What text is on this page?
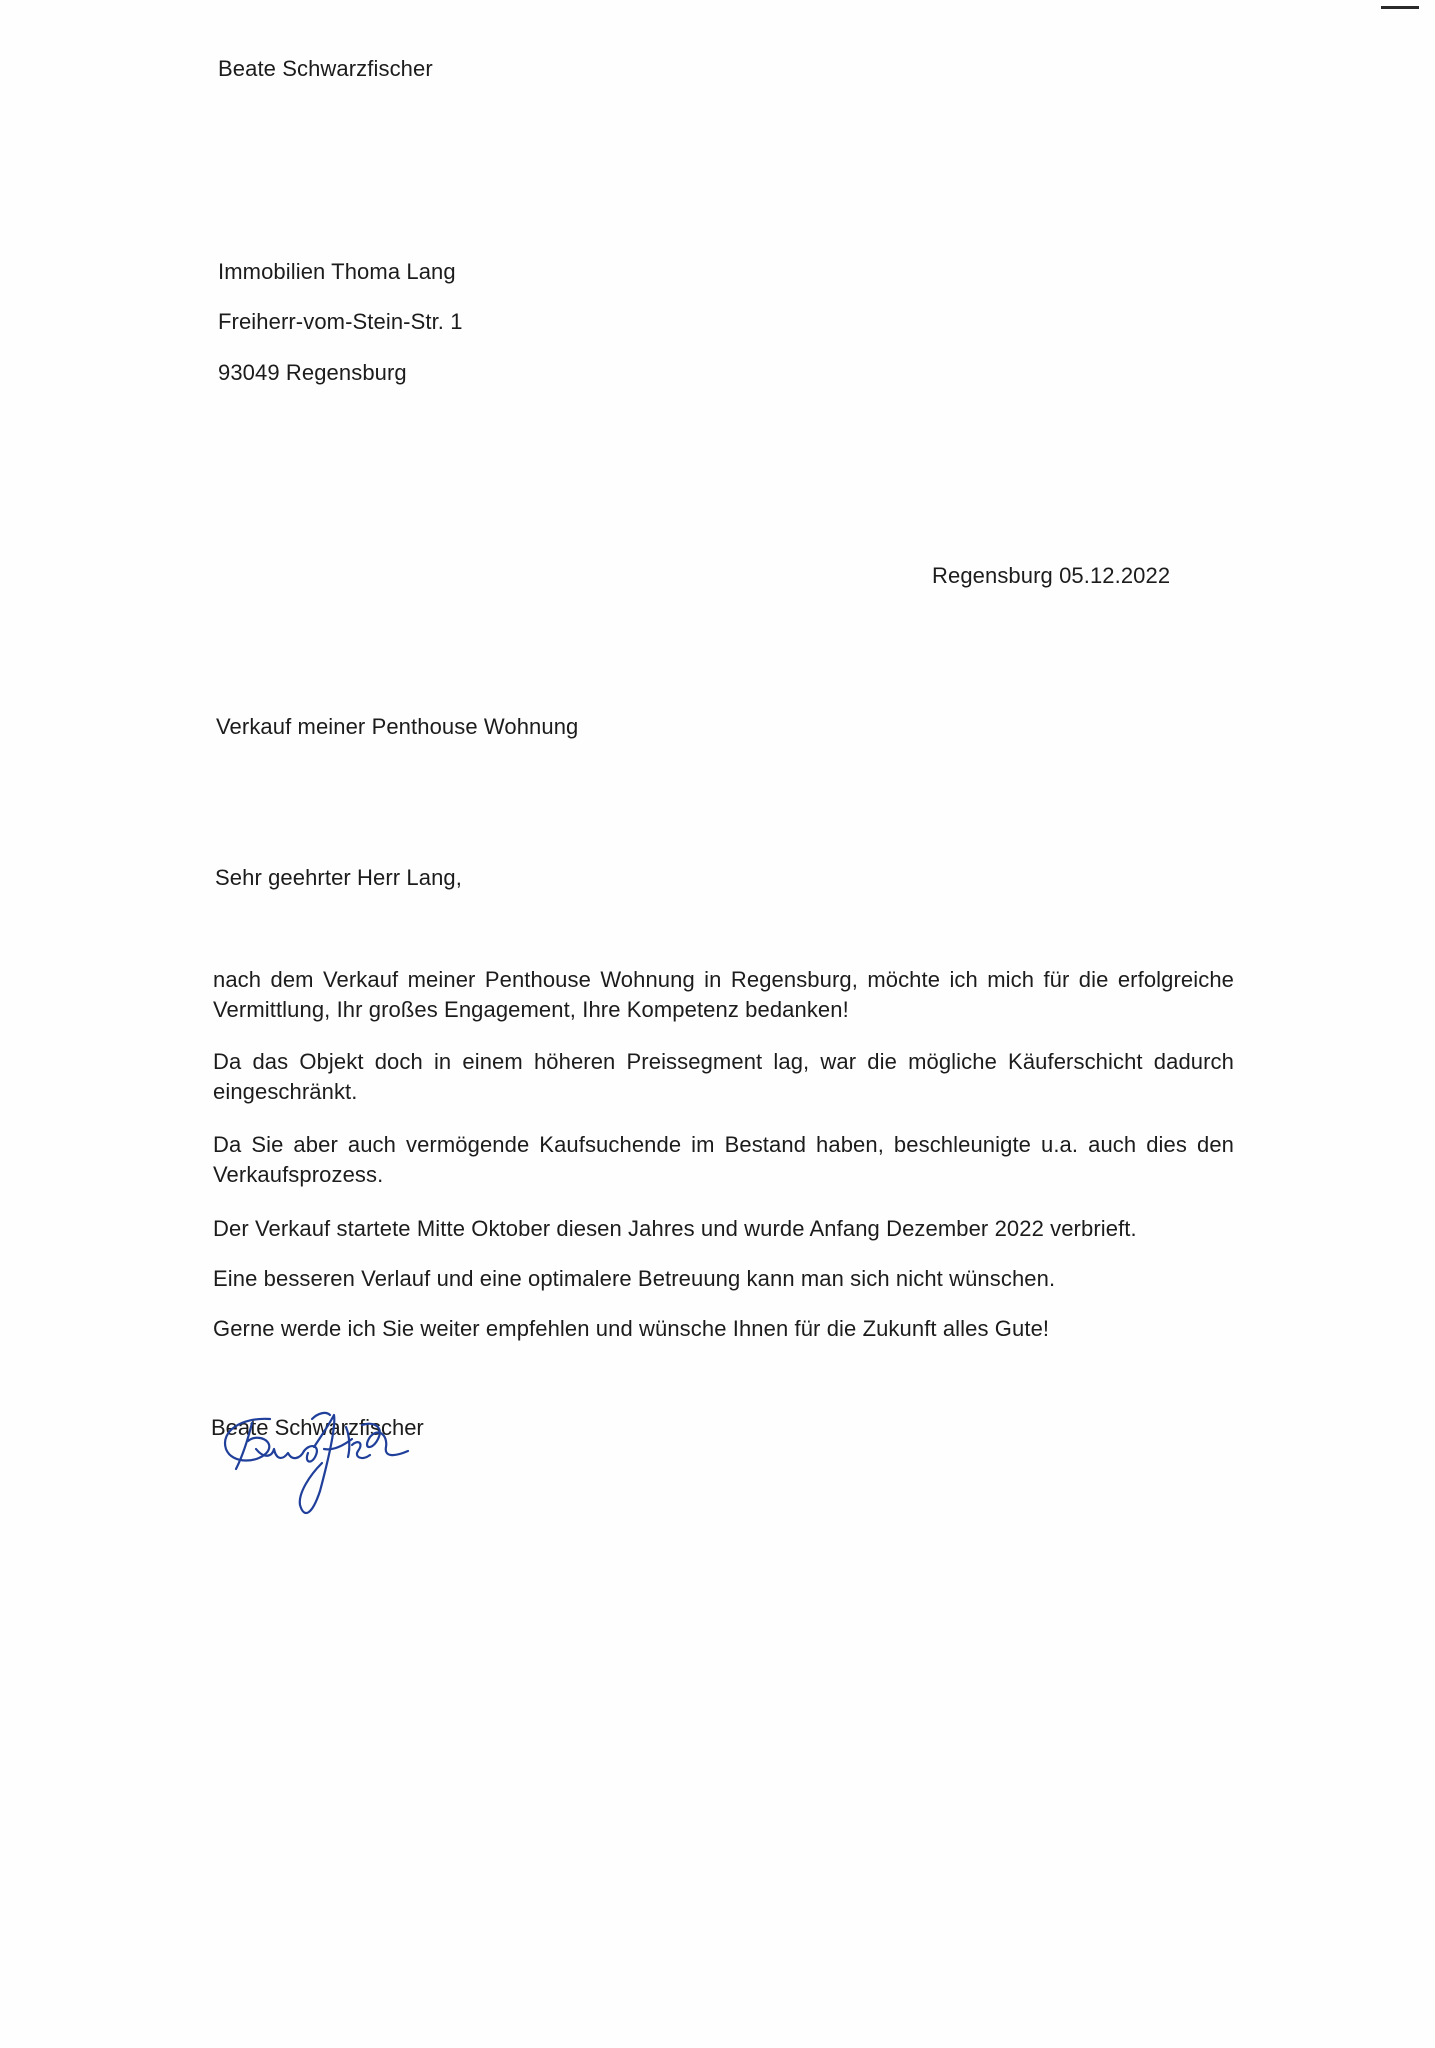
Beate Schwarzfischer
Immobilien Thoma Lang
Freiherr-vom-Stein-Str. 1
93049 Regensburg
Regensburg 05.12.2022
Verkauf meiner Penthouse Wohnung
Sehr geehrter Herr Lang,
nach dem Verkauf meiner Penthouse Wohnung in Regensburg, möchte ich mich für die erfolgreiche Vermittlung, Ihr großes Engagement, Ihre Kompetenz bedanken!
Da das Objekt doch in einem höheren Preissegment lag, war die mögliche Käuferschicht dadurch eingeschränkt.
Da Sie aber auch vermögende Kaufsuchende im Bestand haben, beschleunigte u.a. auch dies den Verkaufsprozess.
Der Verkauf startete Mitte Oktober diesen Jahres und wurde Anfang Dezember 2022 verbrieft.
Eine besseren Verlauf und eine optimalere Betreuung kann man sich nicht wünschen.
Gerne werde ich Sie weiter empfehlen und wünsche Ihnen für die Zukunft alles Gute!
Beate Schwarzfischer
